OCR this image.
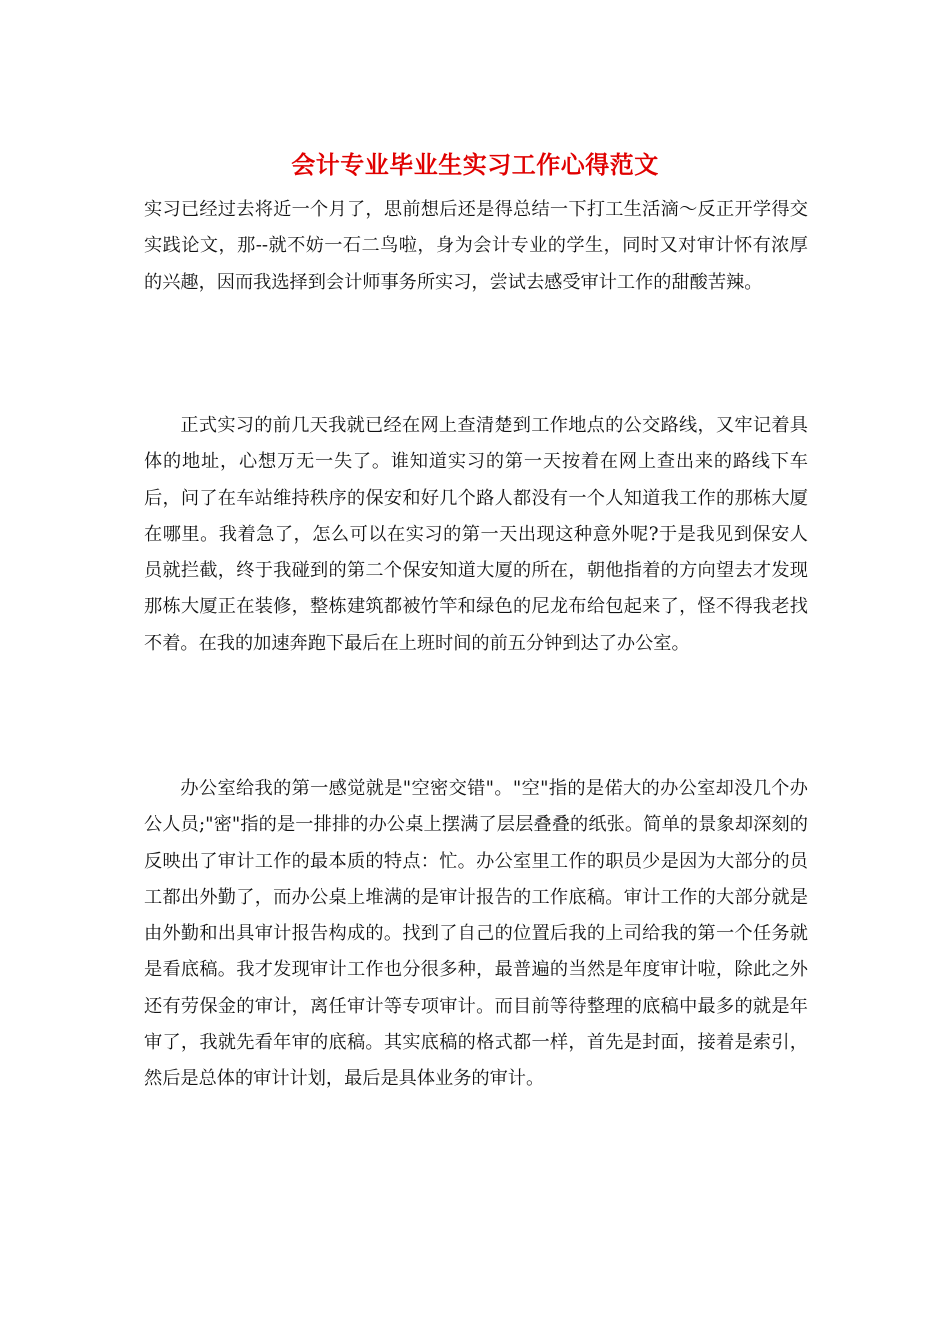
会计专业毕业生实习工作心得范文

实习已经过去将近一个月了，思前想后还是得总结一下打工生活滴～反正开学得交实践论文，那--就不妨一石二鸟啦，身为会计专业的学生，同时又对审计怀有浓厚的兴趣，因而我选择到会计师事务所实习，尝试去感受审计工作的甜酸苦辣。

正式实习的前几天我就已经在网上查清楚到工作地点的公交路线，又牢记着具体的地址，心想万无一失了。谁知道实习的第一天按着在网上查出来的路线下车后，问了在车站维持秩序的保安和好几个路人都没有一个人知道我工作的那栋大厦在哪里。我着急了，怎么可以在实习的第一天出现这种意外呢?于是我见到保安人员就拦截，终于我碰到的第二个保安知道大厦的所在，朝他指着的方向望去才发现那栋大厦正在装修，整栋建筑都被竹竿和绿色的尼龙布给包起来了，怪不得我老找不着。在我的加速奔跑下最后在上班时间的前五分钟到达了办公室。

办公室给我的第一感觉就是"空密交错"。"空"指的是偌大的办公室却没几个办公人员;"密"指的是一排排的办公桌上摆满了层层叠叠的纸张。简单的景象却深刻的反映出了审计工作的最本质的特点：忙。办公室里工作的职员少是因为大部分的员工都出外勤了，而办公桌上堆满的是审计报告的工作底稿。审计工作的大部分就是由外勤和出具审计报告构成的。找到了自己的位置后我的上司给我的第一个任务就是看底稿。我才发现审计工作也分很多种，最普遍的当然是年度审计啦，除此之外还有劳保金的审计，离任审计等专项审计。而目前等待整理的底稿中最多的就是年审了，我就先看年审的底稿。其实底稿的格式都一样，首先是封面，接着是索引，然后是总体的审计计划，最后是具体业务的审计。
